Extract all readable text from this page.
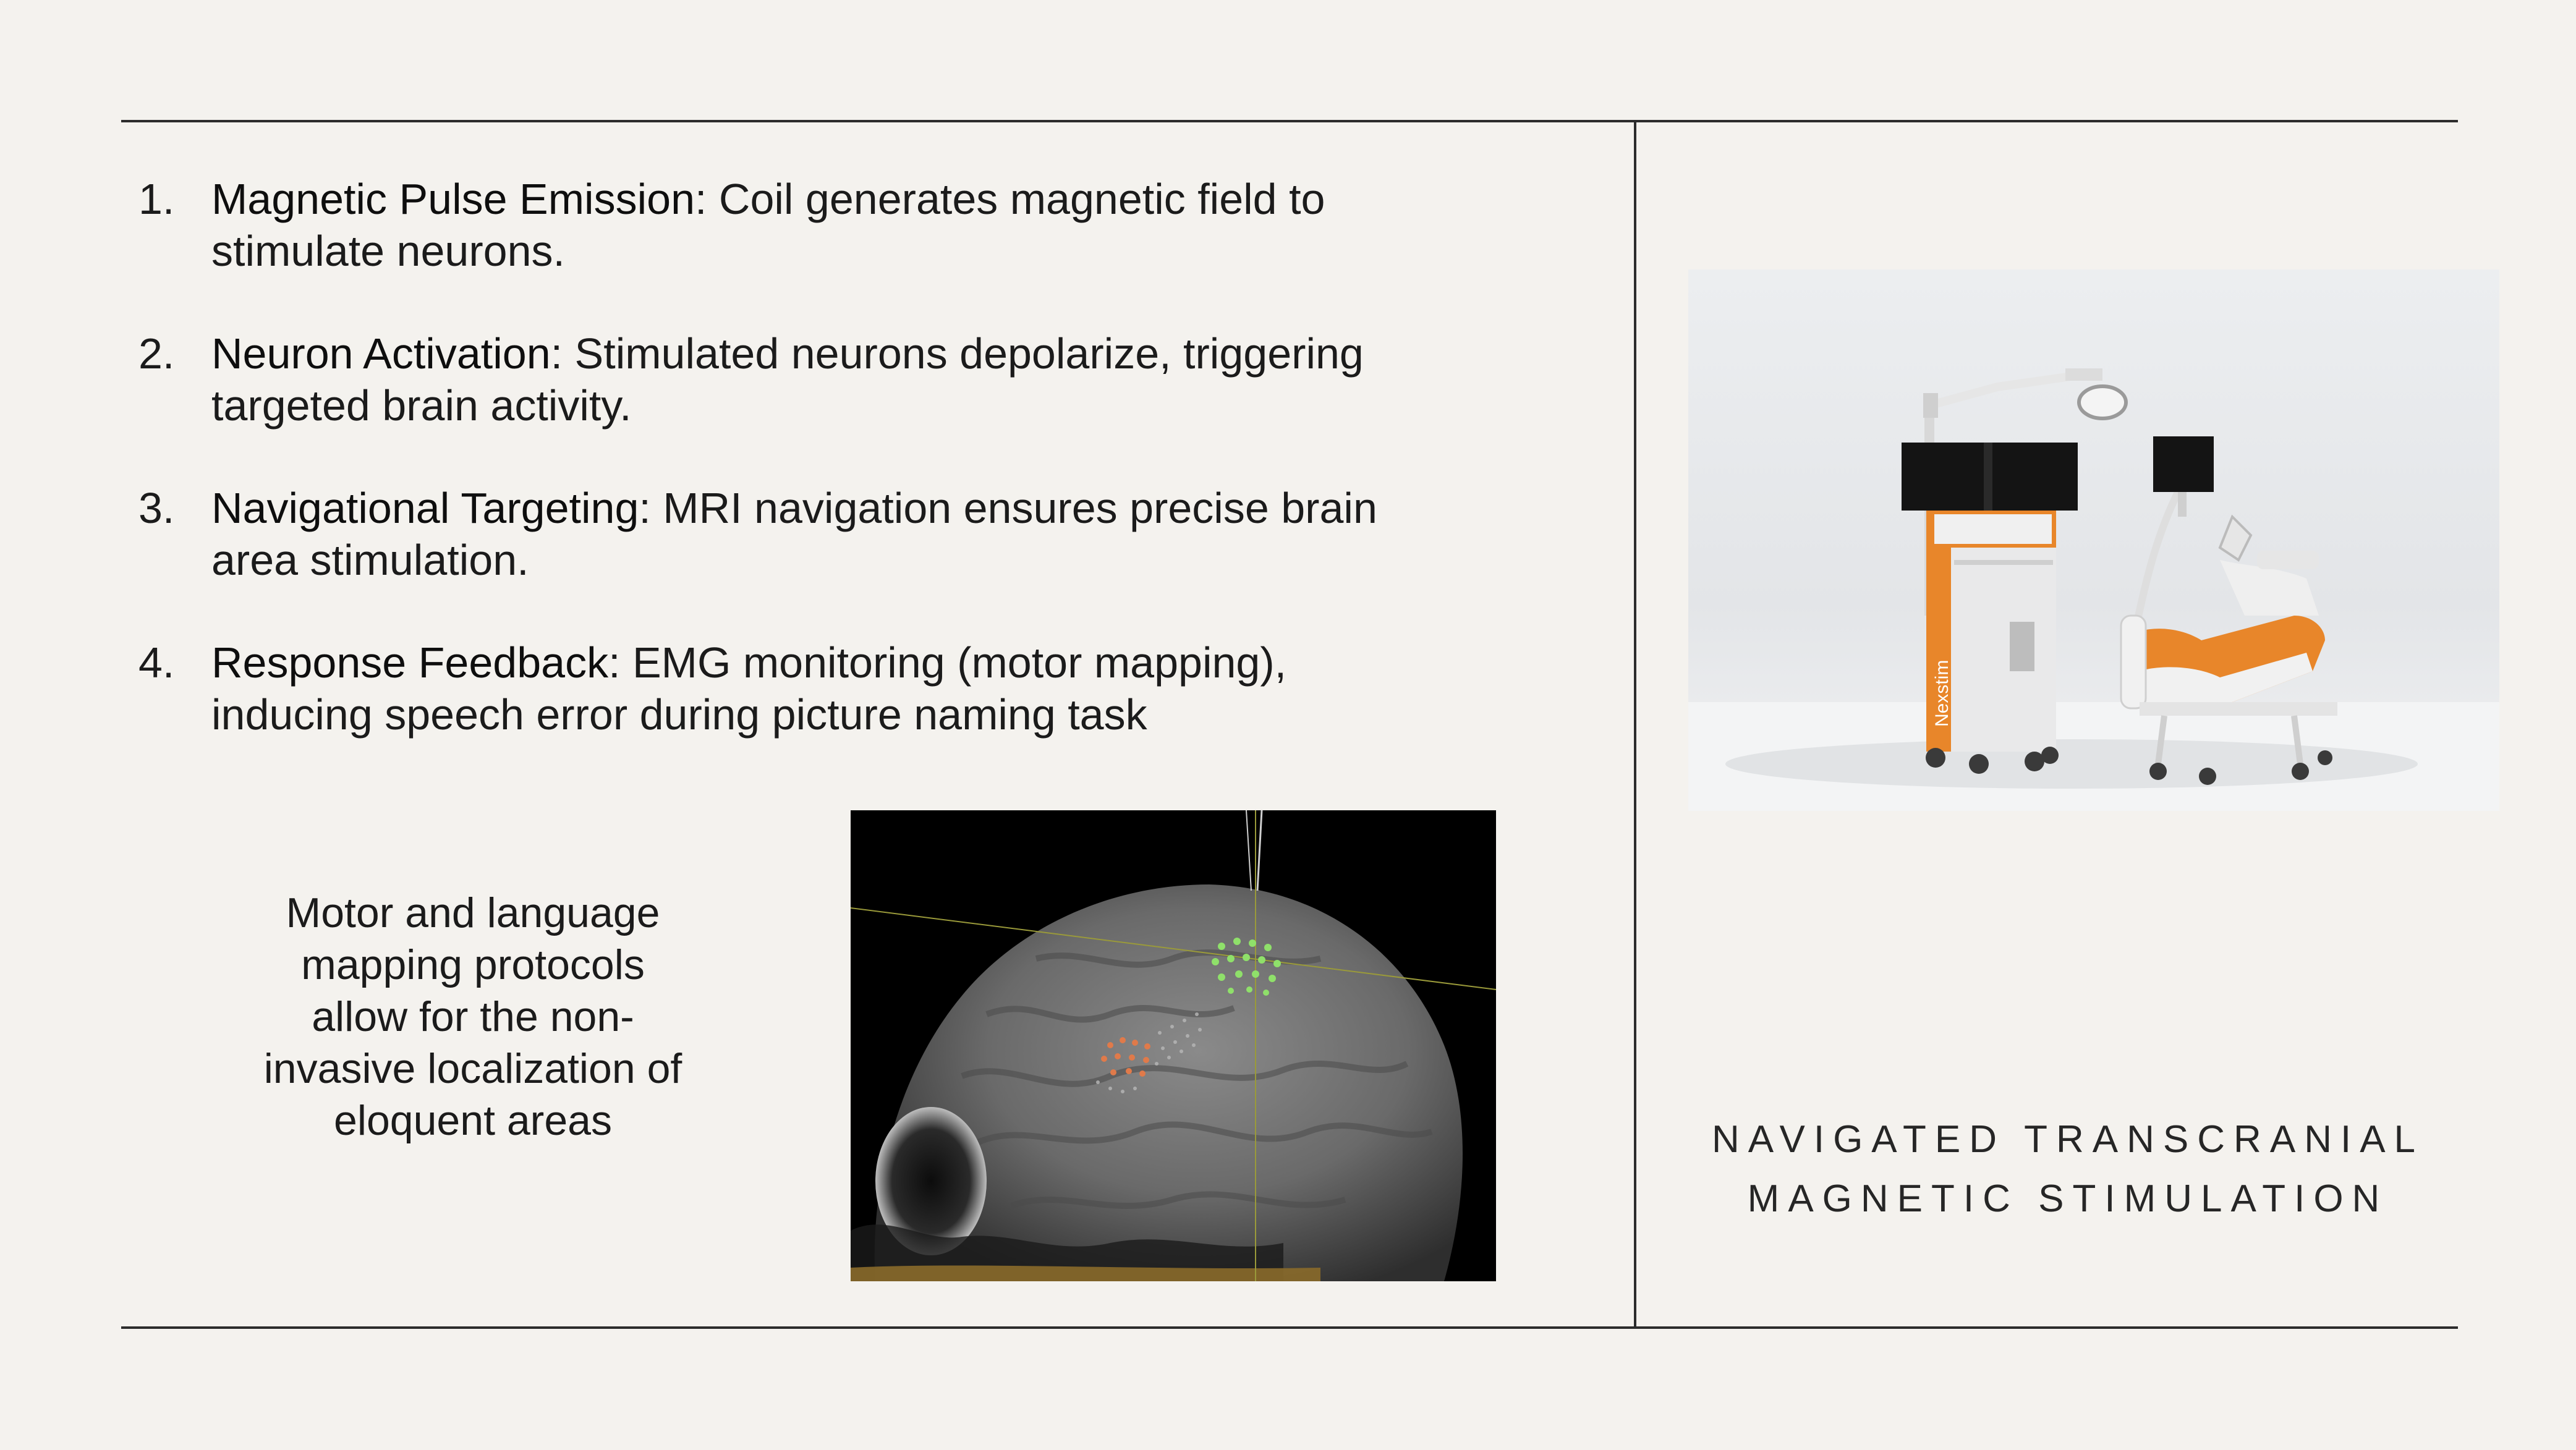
1. Magnetic Pulse Emission: Coil generates magnetic field to stimulate neurons.
2. Neuron Activation: Stimulated neurons depolarize, triggering targeted brain activity.
3. Navigational Targeting: MRI navigation ensures precise brain area stimulation.
4. Response Feedback: EMG monitoring (motor mapping), inducing speech error during picture naming task
Motor and language mapping protocols allow for the non-invasive localization of eloquent areas
Nexstim
NAVIGATED TRANSCRANIAL
MAGNETIC STIMULATION
